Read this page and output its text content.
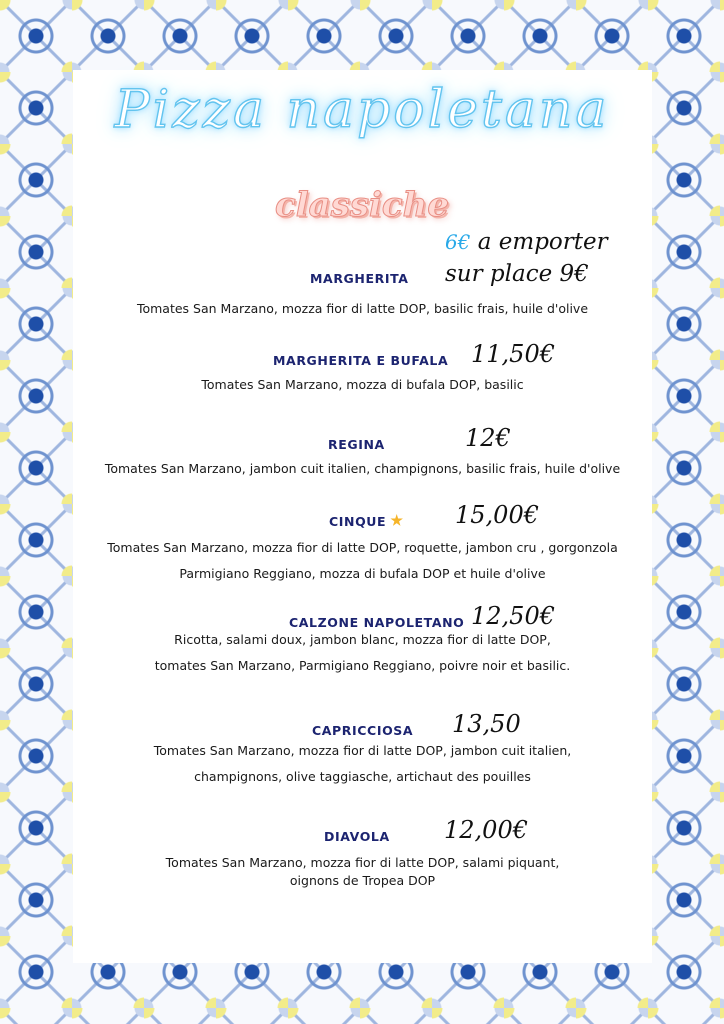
Pizza napoletana
classiche
6€ a emporter
sur place 9€
MARGHERITA
Tomates San Marzano, mozza fior di latte DOP, basilic frais, huile d'olive
MARGHERITA E BUFALA 11,50€
Tomates San Marzano, mozza di bufala DOP, basilic
REGINA	12€
Tomates San Marzano, jambon cuit italien, champignons, basilic frais, huile d'olive
CINQUE	15,00€
Tomates San Marzano, mozza fior di latte DOP, roquette, jambon cru , gorgonzola
Parmigiano Reggiano, mozza di bufala DOP et huile d'olive
CALZONE NAPOLETANO 12,50€
Ricotta, salami doux, jambon blanc, mozza fior di latte DOP,
tomates San Marzano, Parmigiano Reggiano, poivre noir et basilic.
CAPRICCIOSA 13,50
Tomates San Marzano, mozza fior di latte DOP, jambon cuit italien,
champignons, olive taggiasche, artichaut des pouilles
DIAVOLA 12,00€
Tomates San Marzano, mozza fior di latte DOP, salami piquant,
oignons de Tropea DOP
